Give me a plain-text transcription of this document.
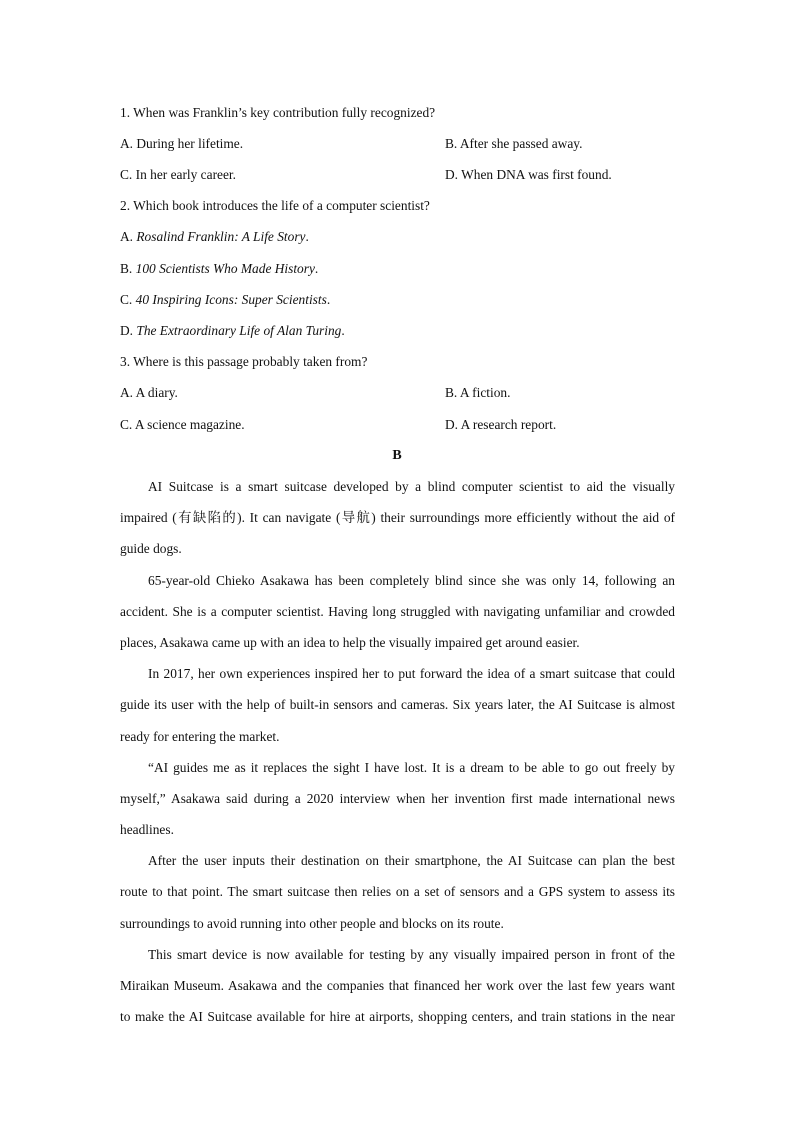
1. When was Franklin’s key contribution fully recognized?
A. During her lifetime.	B. After she passed away.
C. In her early career.	D. When DNA was first found.
2. Which book introduces the life of a computer scientist?
A. Rosalind Franklin: A Life Story.
B. 100 Scientists Who Made History.
C. 40 Inspiring Icons: Super Scientists.
D. The Extraordinary Life of Alan Turing.
3. Where is this passage probably taken from?
A. A diary.	B. A fiction.
C. A science magazine.	D. A research report.
B
AI Suitcase is a smart suitcase developed by a blind computer scientist to aid the visually
impaired (有缺陷的). It can navigate (导航) their surroundings more efficiently without the aid of
guide dogs.
65-year-old Chieko Asakawa has been completely blind since she was only 14, following an
accident. She is a computer scientist. Having long struggled with navigating unfamiliar and crowded
places, Asakawa came up with an idea to help the visually impaired get around easier.
In 2017, her own experiences inspired her to put forward the idea of a smart suitcase that could
guide its user with the help of built-in sensors and cameras. Six years later, the AI Suitcase is almost
ready for entering the market.
“AI guides me as it replaces the sight I have lost. It is a dream to be able to go out freely by
myself,” Asakawa said during a 2020 interview when her invention first made international news
headlines.
After the user inputs their destination on their smartphone, the AI Suitcase can plan the best
route to that point. The smart suitcase then relies on a set of sensors and a GPS system to assess its
surroundings to avoid running into other people and blocks on its route.
This smart device is now available for testing by any visually impaired person in front of the
Miraikan Museum. Asakawa and the companies that financed her work over the last few years want
to make the AI Suitcase available for hire at airports, shopping centers, and train stations in the near
